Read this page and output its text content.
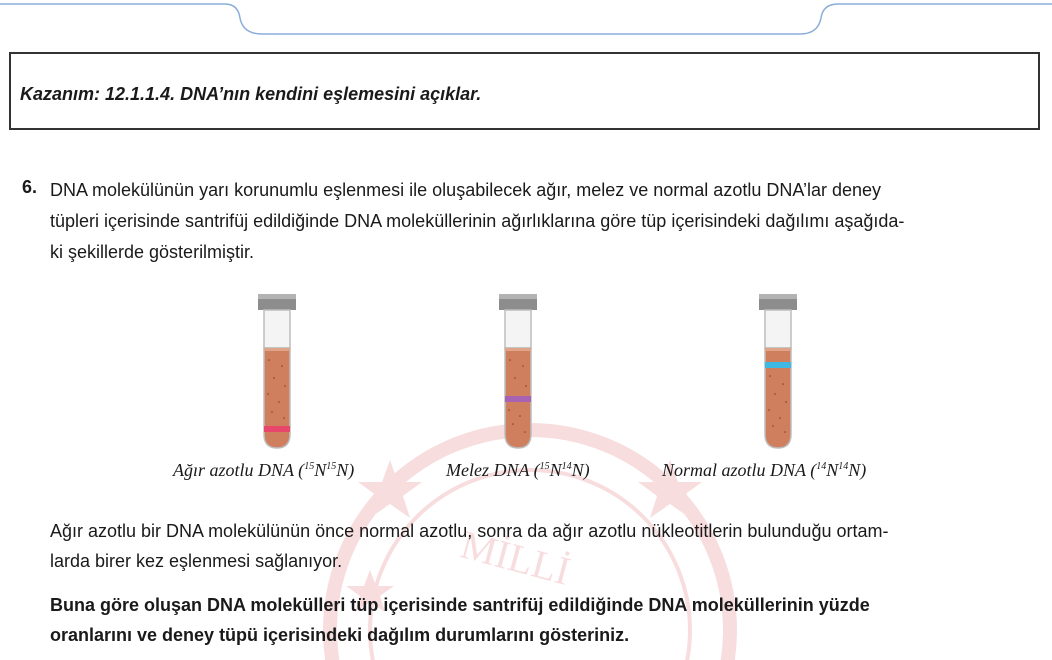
Kazanım: 12.1.1.4. DNA’nın kendini eşlemesini açıklar.
6. DNA molekülünün yarı korunumlu eşlenmesi ile oluşabilecek ağır, melez ve normal azotlu DNA’lar deney
tüpleri içerisinde santrifüj edildiğinde DNA moleküllerinin ağırlıklarına göre tüp içerisindeki dağılımı aşağıda-
ki şekillerde gösterilmiştir.
MİLLİ
Ağır azotlu DNA $(^{15}N^{15}N)$	Melez DNA $(^{15}N^{14}N)$	Normal azotlu DNA $(^{14}N^{14}N)$
Ağır azotlu bir DNA molekülünün önce normal azotlu, sonra da ağır azotlu nükleotitlerin bulunduğu ortam-
larda birer kez eşlenmesi sağlanıyor.
Buna göre oluşan DNA molekülleri tüp içerisinde santrifüj edildiğinde DNA moleküllerinin yüzde
oranlarını ve deney tüpü içerisindeki dağılım durumlarını gösteriniz.
